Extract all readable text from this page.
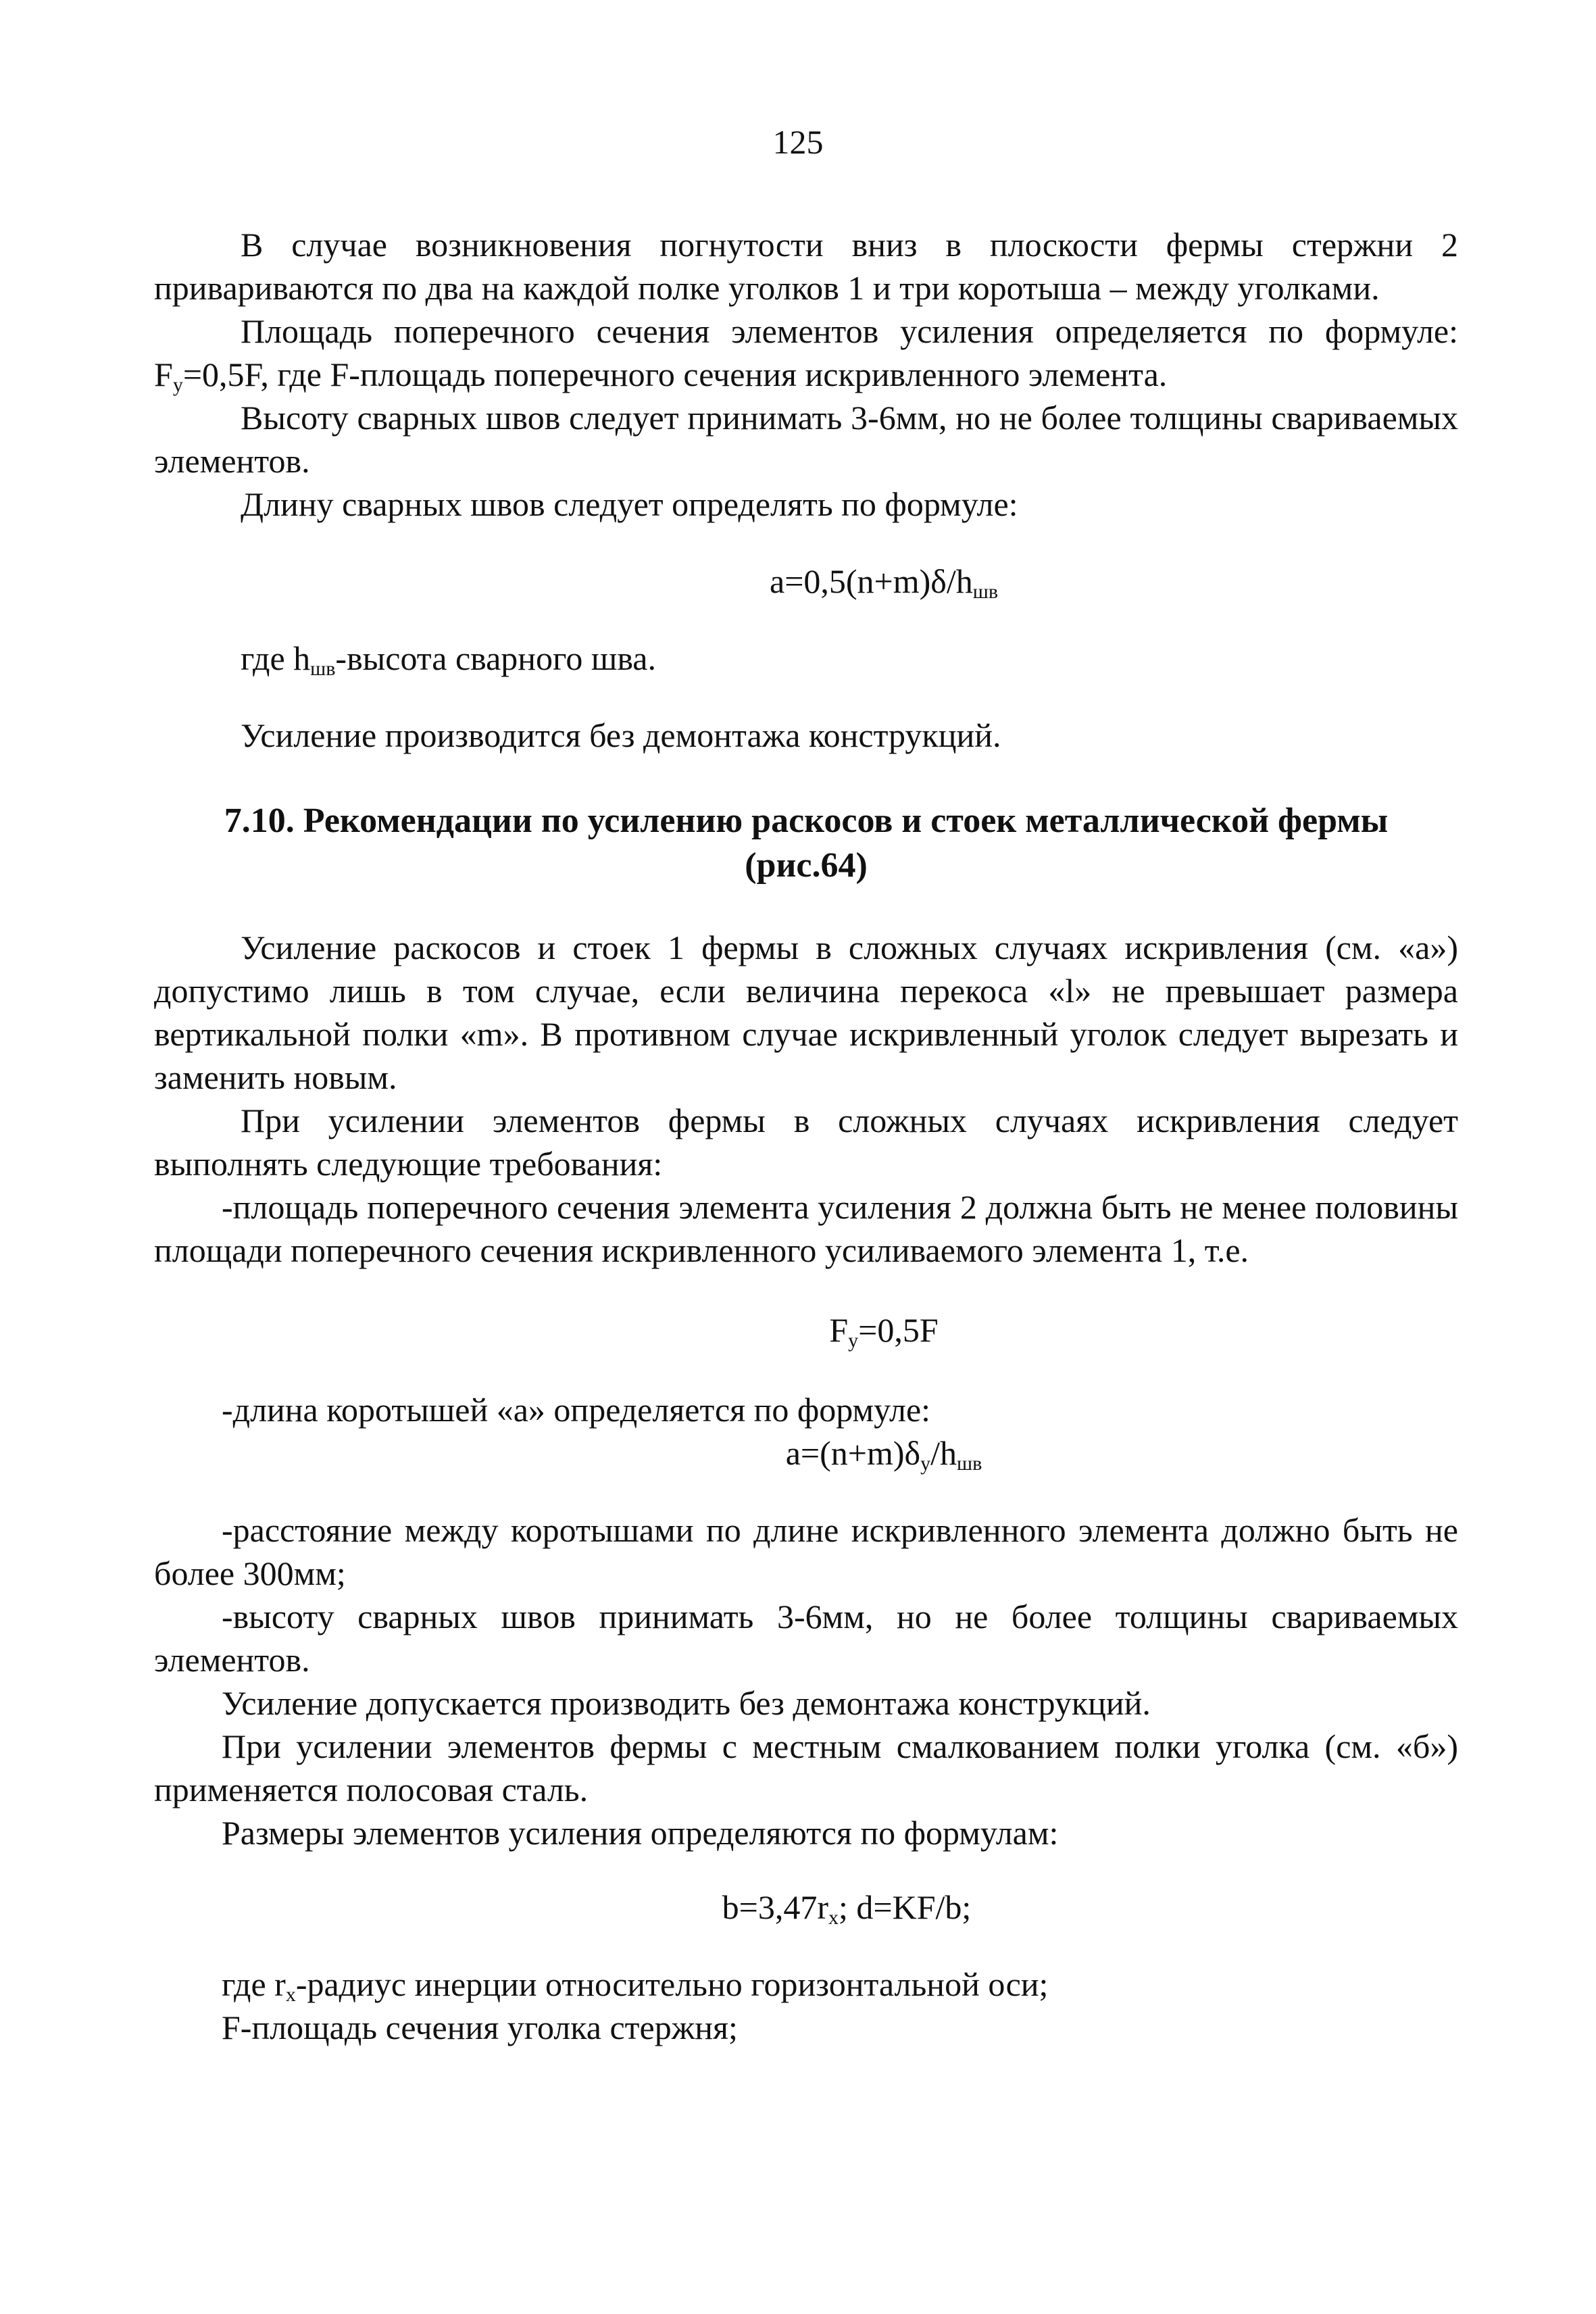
125

В случае возникновения погнутости вниз в плоскости фермы стержни 2 привариваются по два на каждой полке уголков 1 и три коротыша – между уголками.

Площадь поперечного сечения элементов усиления определяется по формуле: $F_у=0,5F$, где F-площадь поперечного сечения искривленного элемента.

Высоту сварных швов следует принимать 3-6мм, но не более толщины свариваемых элементов.

Длину сварных швов следует определять по формуле:

$a=0,5(n+m)\delta/h_{шв}$

где $h_{шв}$-высота сварного шва.

Усиление производится без демонтажа конструкций.

7.10. Рекомендации по усилению раскосов и стоек металлической фермы (рис.64)

Усиление раскосов и стоек 1 фермы в сложных случаях искривления (см. «а») допустимо лишь в том случае, если величина перекоса «l» не превышает размера вертикальной полки «m». В противном случае искривленный уголок следует вырезать и заменить новым.

При усилении элементов фермы в сложных случаях искривления следует выполнять следующие требования:

-площадь поперечного сечения элемента усиления 2 должна быть не менее половины площади поперечного сечения искривленного усиливаемого элемента 1, т.е.

$F_у=0,5F$

-длина коротышей «а» определяется по формуле:

$a=(n+m)\delta_у/h_{шв}$

-расстояние между коротышами по длине искривленного элемента должно быть не более 300мм;

-высоту сварных швов принимать 3-6мм, но не более толщины свариваемых элементов.

Усиление допускается производить без демонтажа конструкций.

При усилении элементов фермы с местным смалкованием полки уголка (см. «б») применяется полосовая сталь.

Размеры элементов усиления определяются по формулам:

$b=3,47r_x$; d=KF/b;

где $r_x$-радиус инерции относительно горизонтальной оси;

F-площадь сечения уголка стержня;
